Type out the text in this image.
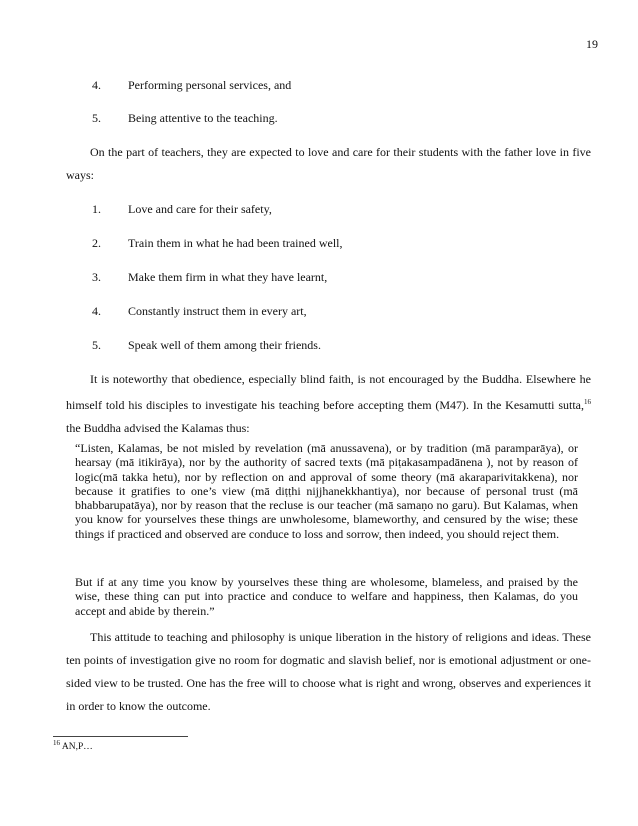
19
4. Performing personal services, and
5. Being attentive to the teaching.
On the part of teachers, they are expected to love and care for their students with the father love in five ways:
1. Love and care for their safety,
2. Train them in what he had been trained well,
3. Make them firm in what they have learnt,
4. Constantly instruct them in every art,
5. Speak well of them among their friends.
It is noteworthy that obedience, especially blind faith, is not encouraged by the Buddha. Elsewhere he himself told his disciples to investigate his teaching before accepting them (M47). In the Kesamutti sutta,$^{16}$ the Buddha advised the Kalamas thus:
“Listen, Kalamas, be not misled by revelation (mā anussavena), or by tradition (mā paramparāya), or hearsay (mā itikirāya), nor by the authority of sacred texts (mā piṭakasampadānena ), not by reason of logic(mā takka hetu), nor by reflection on and approval of some theory (mā akaraparivitakkena), nor because it gratifies to one’s view (mā diṭṭhi nijjhanekkhantiya), nor because of personal trust (mā bhabbarupatāya), nor by reason that the recluse is our teacher (mā samaṇo no garu). But Kalamas, when you know for yourselves these things are unwholesome, blameworthy, and censured by the wise; these things if practiced and observed are conduce to loss and sorrow, then indeed, you should reject them.
But if at any time you know by yourselves these thing are wholesome, blameless, and praised by the wise, these thing can put into practice and conduce to welfare and happiness, then Kalamas, do you accept and abide by therein.”
This attitude to teaching and philosophy is unique liberation in the history of religions and ideas. These ten points of investigation give no room for dogmatic and slavish belief, nor is emotional adjustment or one-sided view to be trusted. One has the free will to choose what is right and wrong, observes and experiences it in order to know the outcome.
$^{16}$ AN,P…
